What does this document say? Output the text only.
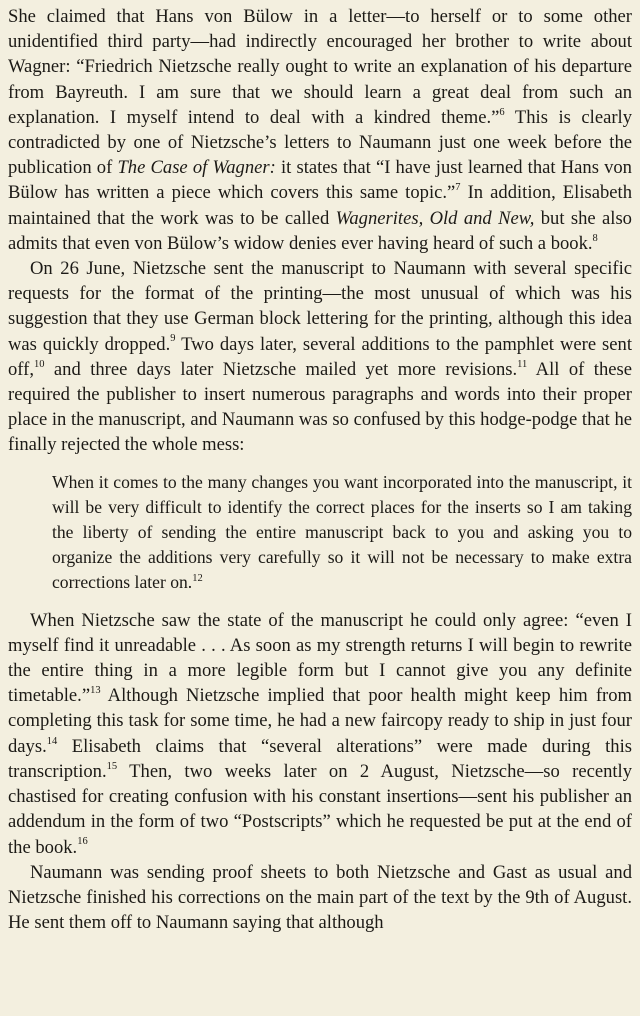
She claimed that Hans von Bülow in a letter—to herself or to some other unidentified third party—had indirectly encouraged her brother to write about Wagner: “Friedrich Nietzsche really ought to write an explanation of his departure from Bayreuth. I am sure that we should learn a great deal from such an explanation. I myself intend to deal with a kindred theme.”$^6$ This is clearly contradicted by one of Nietzsche’s letters to Naumann just one week before the publication of The Case of Wagner: it states that “I have just learned that Hans von Bülow has written a piece which covers this same topic.”$^7$ In addition, Elisabeth maintained that the work was to be called Wagnerites, Old and New, but she also admits that even von Bülow’s widow denies ever having heard of such a book.$^8$

On 26 June, Nietzsche sent the manuscript to Naumann with several specific requests for the format of the printing—the most unusual of which was his suggestion that they use German block lettering for the printing, although this idea was quickly dropped.$^9$ Two days later, several additions to the pamphlet were sent off,$^{10}$ and three days later Nietzsche mailed yet more revisions.$^{11}$ All of these required the publisher to insert numerous paragraphs and words into their proper place in the manuscript, and Naumann was so confused by this hodge-podge that he finally rejected the whole mess:

When it comes to the many changes you want incorporated into the manuscript, it will be very difficult to identify the correct places for the inserts so I am taking the liberty of sending the entire manuscript back to you and asking you to organize the additions very carefully so it will not be necessary to make extra corrections later on.$^{12}$

When Nietzsche saw the state of the manuscript he could only agree: “even I myself find it unreadable . . . As soon as my strength returns I will begin to rewrite the entire thing in a more legible form but I cannot give you any definite timetable.”$^{13}$ Although Nietzsche implied that poor health might keep him from completing this task for some time, he had a new faircopy ready to ship in just four days.$^{14}$ Elisabeth claims that “several alterations” were made during this transcription.$^{15}$ Then, two weeks later on 2 August, Nietzsche—so recently chastised for creating confusion with his constant insertions—sent his publisher an addendum in the form of two “Postscripts” which he requested be put at the end of the book.$^{16}$

Naumann was sending proof sheets to both Nietzsche and Gast as usual and Nietzsche finished his corrections on the main part of the text by the 9th of August. He sent them off to Naumann saying that although
